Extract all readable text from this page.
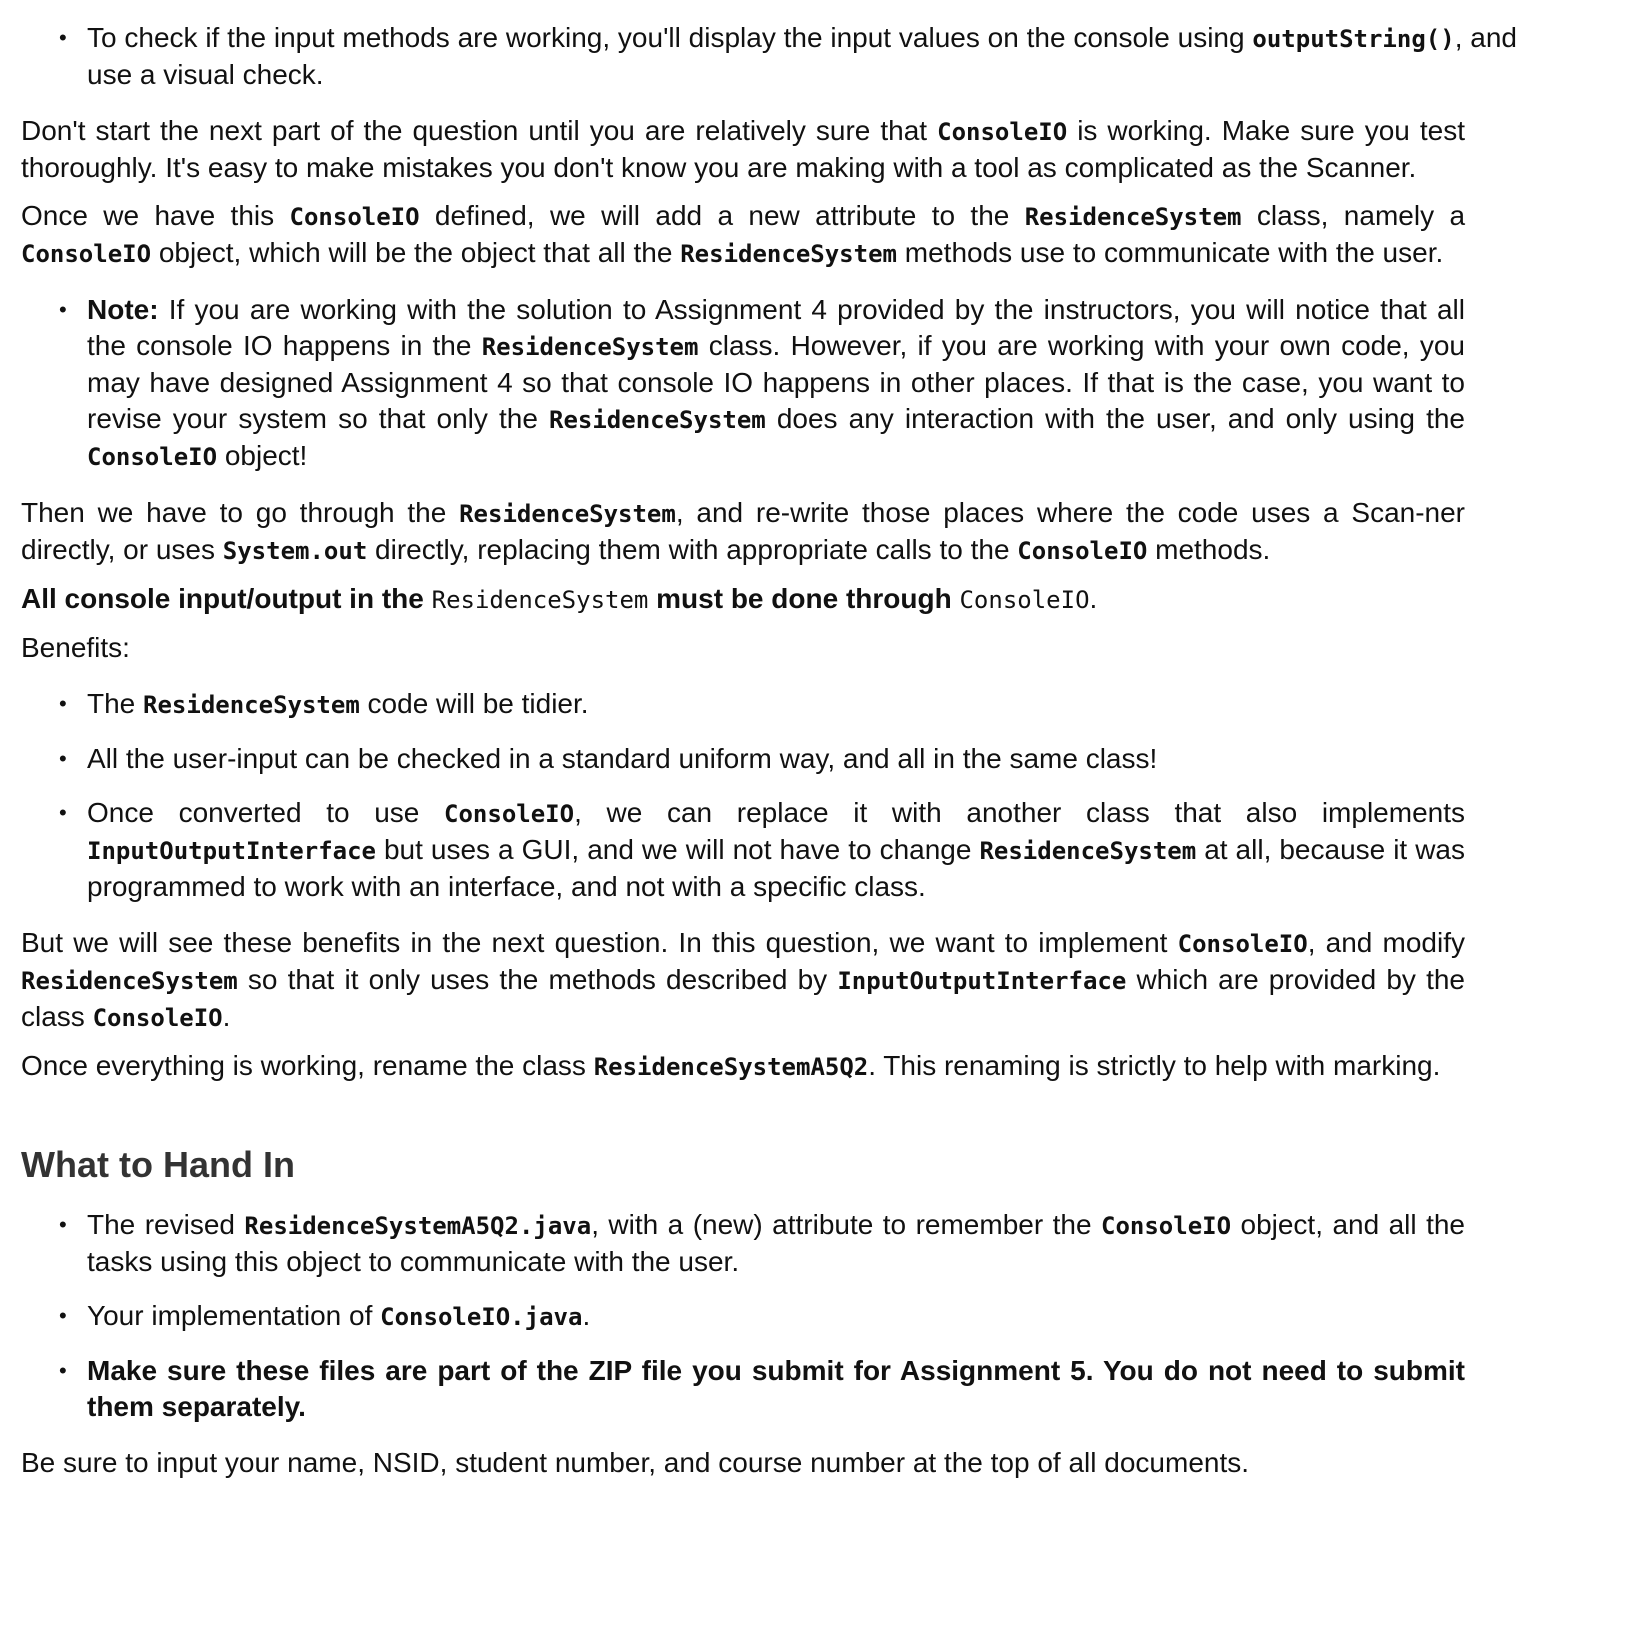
• To check if the input methods are working, you'll display the input values on the console using outputString(), and use a visual check.

Don't start the next part of the question until you are relatively sure that ConsoleIO is working. Make sure you test thoroughly. It's easy to make mistakes you don't know you are making with a tool as complicated as the Scanner.

Once we have this ConsoleIO defined, we will add a new attribute to the ResidenceSystem class, namely a ConsoleIO object, which will be the object that all the ResidenceSystem methods use to communicate with the user.

• Note: If you are working with the solution to Assignment 4 provided by the instructors, you will notice that all the console IO happens in the ResidenceSystem class. However, if you are working with your own code, you may have designed Assignment 4 so that console IO happens in other places. If that is the case, you want to revise your system so that only the ResidenceSystem does any interaction with the user, and only using the ConsoleIO object!

Then we have to go through the ResidenceSystem, and re-write those places where the code uses a Scan-ner directly, or uses System.out directly, replacing them with appropriate calls to the ConsoleIO methods.

All console input/output in the ResidenceSystem must be done through ConsoleIO.

Benefits:

• The ResidenceSystem code will be tidier.
• All the user-input can be checked in a standard uniform way, and all in the same class!
• Once converted to use ConsoleIO, we can replace it with another class that also implements InputOutputInterface but uses a GUI, and we will not have to change ResidenceSystem at all, because it was programmed to work with an interface, and not with a specific class.

But we will see these benefits in the next question. In this question, we want to implement ConsoleIO, and modify ResidenceSystem so that it only uses the methods described by InputOutputInterface which are provided by the class ConsoleIO.

Once everything is working, rename the class ResidenceSystemA5Q2. This renaming is strictly to help with marking.

What to Hand In
• The revised ResidenceSystemA5Q2.java, with a (new) attribute to remember the ConsoleIO object, and all the tasks using this object to communicate with the user.
• Your implementation of ConsoleIO.java.
• Make sure these files are part of the ZIP file you submit for Assignment 5. You do not need to submit them separately.

Be sure to input your name, NSID, student number, and course number at the top of all documents.
